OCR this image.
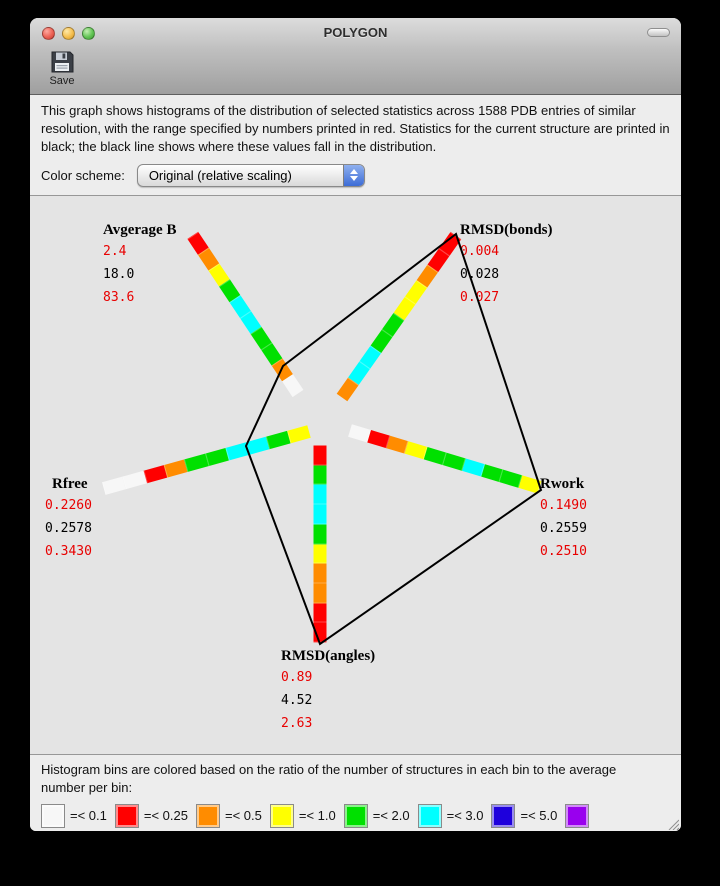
POLYGON
Save
This graph shows histograms of the distribution of selected statistics across 1588 PDB entries of similar resolution, with the range specified by numbers printed in red. Statistics for the current structure are printed in black; the black line shows where these values fall in the distribution.
Color scheme: Original (relative scaling)
Avgerage B
2.4
18.0
83.6
RMSD(bonds)
0.004
0.028
0.027
Rwork
0.1490
0.2559
0.2510
RMSD(angles)
0.89
4.52
2.63
Rfree
0.2260
0.2578
0.3430
Histogram bins are colored based on the ratio of the number of structures in each bin to the average number per bin:
=< 0.1	=< 0.25	=< 0.5	=< 1.0	=< 2.0	=< 3.0	=< 5.0
